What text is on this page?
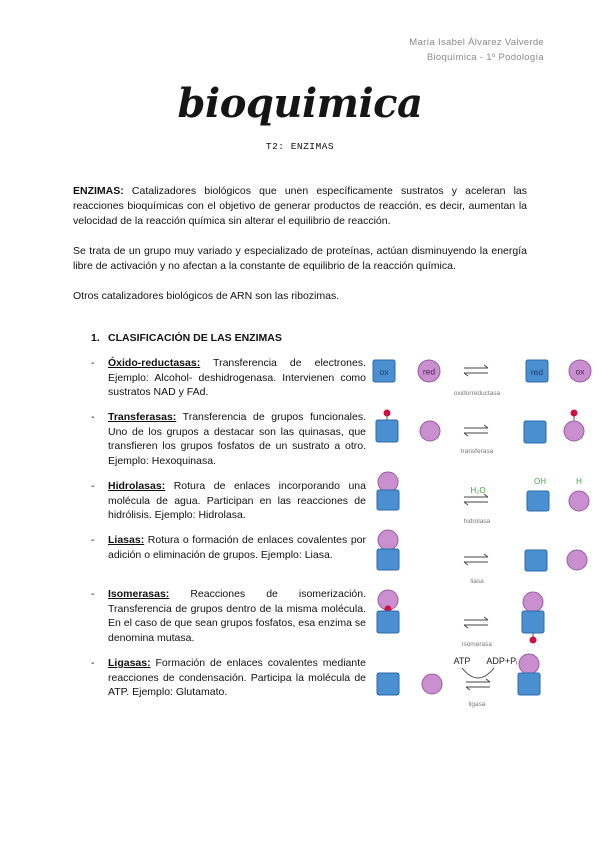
María Isabel Álvarez Valverde
Bioquímica - 1º Podología
bioquimica
T2: ENZIMAS
ENZIMAS: Catalizadores biológicos que unen específicamente sustratos y aceleran las reacciones bioquímicas con el objetivo de generar productos de reacción, es decir, aumentan la velocidad de la reacción química sin alterar el equilibrio de reacción.
Se trata de un grupo muy variado y especializado de proteínas, actúan disminuyendo la energía libre de activación y no afectan a la constante de equilibrio de la reacción química.
Otros catalizadores biológicos de ARN son las ribozimas.
1. CLASIFICACIÓN DE LAS ENZIMAS
- Óxido-reductasas: Transferencia de electrones. Ejemplo: Alcohol- deshidrogenasa. Intervienen como sustratos NAD y FAd.
- Transferasas: Transferencia de grupos funcionales. Uno de los grupos a destacar son las quinasas, que transfieren los grupos fosfatos de un sustrato a otro. Ejemplo: Hexoquinasa.
- Hidrolasas: Rotura de enlaces incorporando una molécula de agua. Participan en las reacciones de hidrólisis. Ejemplo: Hidrolasa.
- Liasas: Rotura o formación de enlaces covalentes por adición o eliminación de grupos. Ejemplo: Liasa.
- Isomerasas: Reacciones de isomerización. Transferencia de grupos dentro de la misma molécula. En el caso de que sean grupos fosfatos, esa enzima se denomina mutasa.
- Ligasas: Formación de enlaces covalentes mediante reacciones de condensación. Participa la molécula de ATP. Ejemplo: Glutamato.
ox	red
oxidorreductasa
red	ox
transferasa
H₂O
hidrolasa
OH	H
liasa
isomerasa
ATP ADP+Pᵢ
ligasa
